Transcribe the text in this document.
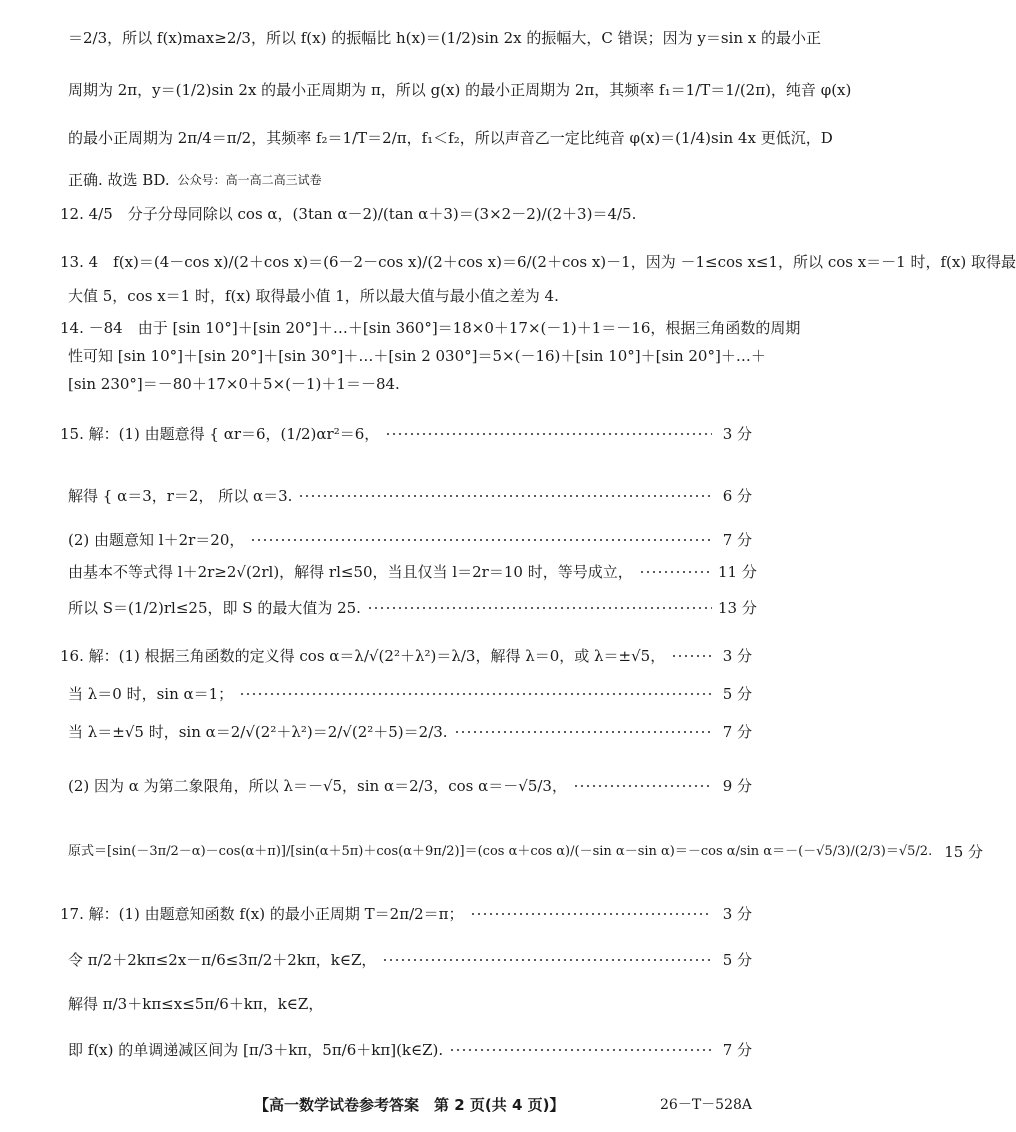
＝2/3，所以 f(x)max≥2/3，所以 f(x) 的振幅比 h(x)＝(1/2)sin 2x 的振幅大，C 错误；因为 y＝sin x 的最小正
周期为 2π，y＝(1/2)sin 2x 的最小正周期为 π，所以 g(x) 的最小正周期为 2π，其频率 f₁＝1/T＝1/(2π)，纯音 φ(x)
的最小正周期为 2π/4＝π/2，其频率 f₂＝1/T＝2/π，f₁＜f₂，所以声音乙一定比纯音 φ(x)＝(1/4)sin 4x 更低沉，D
正确. 故选 BD. 公众号：高一高二高三试卷
12. 4/5　分子分母同除以 cos α，(3tan α－2)/(tan α＋3)＝(3×2－2)/(2＋3)＝4/5.
13. 4　f(x)＝(4－cos x)/(2＋cos x)＝(6－2－cos x)/(2＋cos x)＝6/(2＋cos x)－1，因为 －1≤cos x≤1，所以 cos x＝－1 时，f(x) 取得最
大值 5，cos x＝1 时，f(x) 取得最小值 1，所以最大值与最小值之差为 4.
14. －84　由于 [sin 10°]＋[sin 20°]＋…＋[sin 360°]＝18×0＋17×(－1)＋1＝－16，根据三角函数的周期
性可知 [sin 10°]＋[sin 20°]＋[sin 30°]＋…＋[sin 2 030°]＝5×(－16)＋[sin 10°]＋[sin 20°]＋…＋
[sin 230°]＝－80＋17×0＋5×(－1)＋1＝－84.
15. 解：(1) 由题意得 { αr＝6，(1/2)αr²＝6，	3 分
解得 { α＝3，r＝2， 所以 α＝3.	6 分
(2) 由题意知 l＋2r＝20，	7 分
由基本不等式得 l＋2r≥2√(2rl)，解得 rl≤50，当且仅当 l＝2r＝10 时，等号成立，	11 分
所以 S＝(1/2)rl≤25，即 S 的最大值为 25.	13 分
16. 解：(1) 根据三角函数的定义得 cos α＝λ/√(2²＋λ²)＝λ/3，解得 λ＝0，或 λ＝±√5，	3 分
当 λ＝0 时，sin α＝1；	5 分
当 λ＝±√5 时，sin α＝2/√(2²＋λ²)＝2/√(2²＋5)＝2/3.	7 分
(2) 因为 α 为第二象限角，所以 λ＝－√5，sin α＝2/3，cos α＝－√5/3，	9 分
原式＝[sin(－3π/2－α)－cos(α＋π)]/[sin(α＋5π)＋cos(α＋9π/2)]＝(cos α＋cos α)/(－sin α－sin α)＝－cos α/sin α＝－(－√5/3)/(2/3)＝√5/2. 15 分
17. 解：(1) 由题意知函数 f(x) 的最小正周期 T＝2π/2＝π；	3 分
令 π/2＋2kπ≤2x－π/6≤3π/2＋2kπ，k∈Z，	5 分
解得 π/3＋kπ≤x≤5π/6＋kπ，k∈Z，
即 f(x) 的单调递减区间为 [π/3＋kπ，5π/6＋kπ](k∈Z).	7 分
【高一数学试卷参考答案　第 2 页(共 4 页)】	26－T－528A
